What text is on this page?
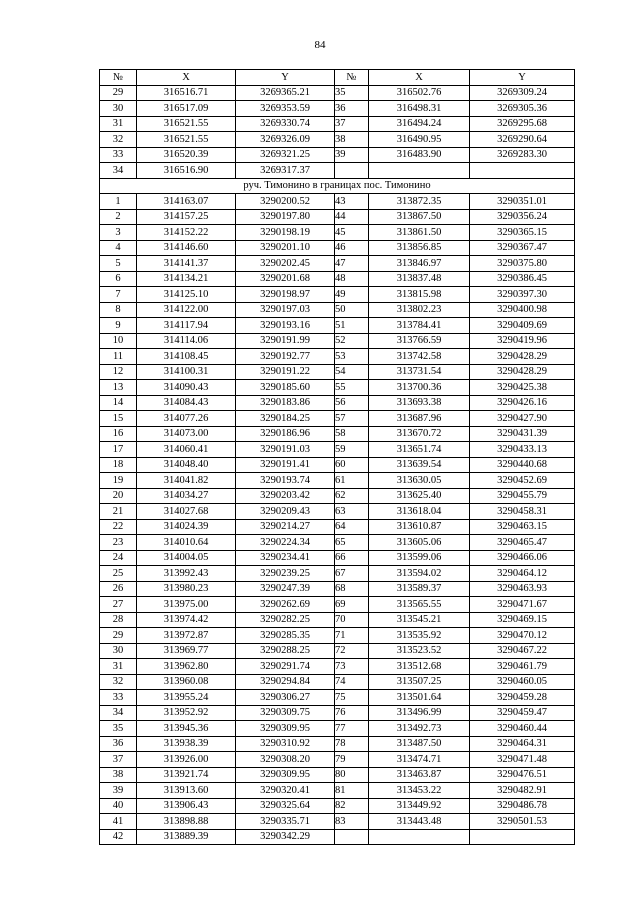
84
№	X	Y	№	X	Y
29	316516.71	3269365.21	35	316502.76	3269309.24
30	316517.09	3269353.59	36	316498.31	3269305.36
31	316521.55	3269330.74	37	316494.24	3269295.68
32	316521.55	3269326.09	38	316490.95	3269290.64
33	316520.39	3269321.25	39	316483.90	3269283.30
34	316516.90	3269317.37			
руч. Тимонино в границах пос. Тимонино					
1	314163.07	3290200.52	43	313872.35	3290351.01
2	314157.25	3290197.80	44	313867.50	3290356.24
3	314152.22	3290198.19	45	313861.50	3290365.15
4	314146.60	3290201.10	46	313856.85	3290367.47
5	314141.37	3290202.45	47	313846.97	3290375.80
6	314134.21	3290201.68	48	313837.48	3290386.45
7	314125.10	3290198.97	49	313815.98	3290397.30
8	314122.00	3290197.03	50	313802.23	3290400.98
9	314117.94	3290193.16	51	313784.41	3290409.69
10	314114.06	3290191.99	52	313766.59	3290419.96
11	314108.45	3290192.77	53	313742.58	3290428.29
12	314100.31	3290191.22	54	313731.54	3290428.29
13	314090.43	3290185.60	55	313700.36	3290425.38
14	314084.43	3290183.86	56	313693.38	3290426.16
15	314077.26	3290184.25	57	313687.96	3290427.90
16	314073.00	3290186.96	58	313670.72	3290431.39
17	314060.41	3290191.03	59	313651.74	3290433.13
18	314048.40	3290191.41	60	313639.54	3290440.68
19	314041.82	3290193.74	61	313630.05	3290452.69
20	314034.27	3290203.42	62	313625.40	3290455.79
21	314027.68	3290209.43	63	313618.04	3290458.31
22	314024.39	3290214.27	64	313610.87	3290463.15
23	314010.64	3290224.34	65	313605.06	3290465.47
24	314004.05	3290234.41	66	313599.06	3290466.06
25	313992.43	3290239.25	67	313594.02	3290464.12
26	313980.23	3290247.39	68	313589.37	3290463.93
27	313975.00	3290262.69	69	313565.55	3290471.67
28	313974.42	3290282.25	70	313545.21	3290469.15
29	313972.87	3290285.35	71	313535.92	3290470.12
30	313969.77	3290288.25	72	313523.52	3290467.22
31	313962.80	3290291.74	73	313512.68	3290461.79
32	313960.08	3290294.84	74	313507.25	3290460.05
33	313955.24	3290306.27	75	313501.64	3290459.28
34	313952.92	3290309.75	76	313496.99	3290459.47
35	313945.36	3290309.95	77	313492.73	3290460.44
36	313938.39	3290310.92	78	313487.50	3290464.31
37	313926.00	3290308.20	79	313474.71	3290471.48
38	313921.74	3290309.95	80	313463.87	3290476.51
39	313913.60	3290320.41	81	313453.22	3290482.91
40	313906.43	3290325.64	82	313449.92	3290486.78
41	313898.88	3290335.71	83	313443.48	3290501.53
42	313889.39	3290342.29			
